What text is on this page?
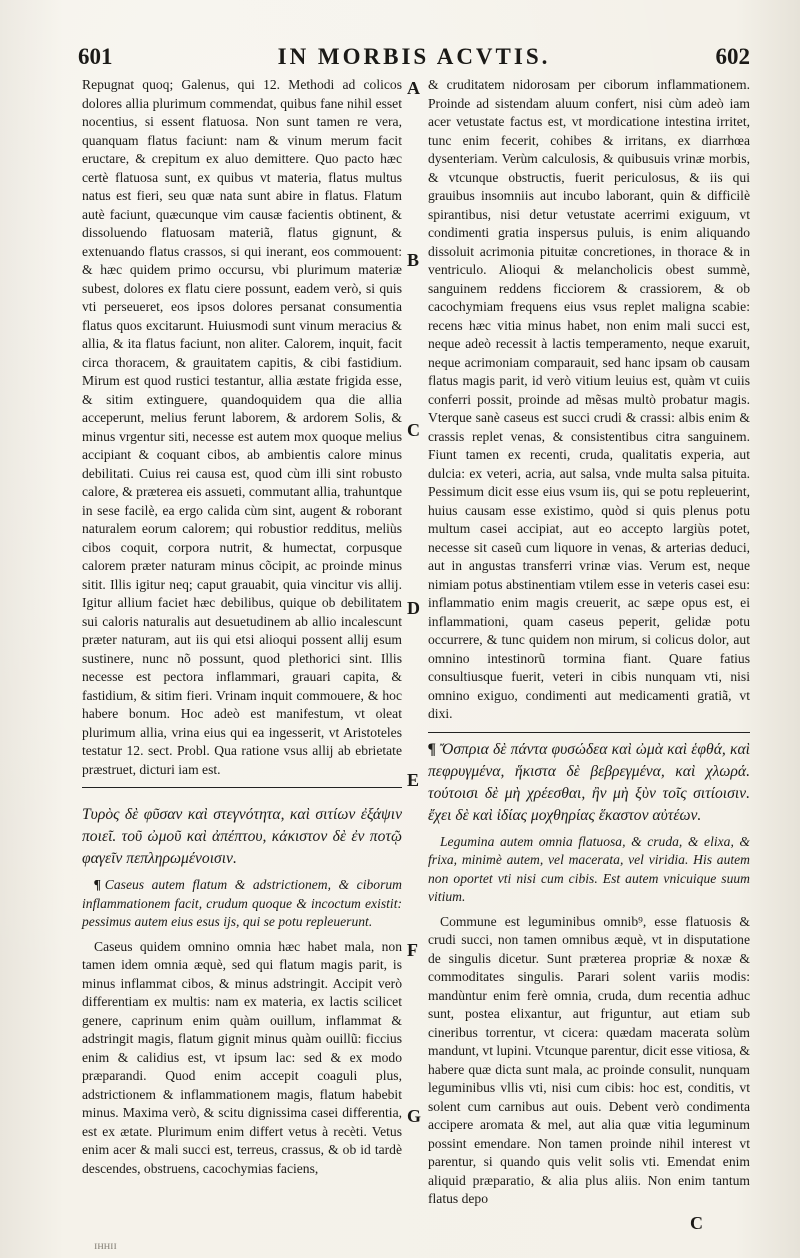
601	IN MORBIS ACVTIS.	602

Repugnat quoq; Galenus, qui 12. Methodi ad colicos dolores allia plurimum commendat, quibus fane nihil esset nocentius, si essent flatuosa. Non sunt tamen re vera, quanquam flatus faciunt: nam & vinum merum facit eructare, & crepitum ex aluo demittere. Quo pacto hæc certè flatuosa sunt, ex quibus vt materia, flatus multus natus est fieri, seu quæ nata sunt abire in flatus. Flatum autè faciunt, quæcunque vim causæ facientis obtinent, & dissoluendo flatuosam materiã, flatus gignunt, & extenuando flatus crassos, si qui inerant, eos commouent: & hæc quidem primo occursu, vbi plurimum materiæ subest, dolores ex flatu ciere possunt, eadem verò, si quis vti perseueret, eos ipsos dolores persanat consumentia flatus quos excitarunt. Huiusmodi sunt vinum meracius & allia, & ita flatus faciunt, non aliter. Calorem, inquit, facit circa thoracem, & grauitatem capitis, & cibi fastidium. Mirum est quod rustici testantur, allia æstate frigida esse, & sitim extinguere, quandoquidem qua die allia acceperunt, melius ferunt laborem, & ardorem Solis, & minus vrgentur siti, necesse est autem mox quoque melius accipiant & coquant cibos, ab ambientis calore minus debilitati. Cuius rei causa est, quod cùm illi sint robusto calore, & præterea eis assueti, commutant allia, trahuntque in sese facilè, ea ergo calida cùm sint, augent & roborant naturalem eorum calorem; qui robustior redditus, meliùs cibos coquit, corpora nutrit, & humectat, corpusque calorem præter naturam minus cõcipit, ac proinde minus sitit. Illis igitur neq; caput grauabit, quia vincitur vis allij. Igitur allium faciet hæc debilibus, quique ob debilitatem sui caloris naturalis aut desuetudinem ab allio incalescunt præter naturam, aut iis qui etsi alioqui possent allij esum sustinere, nunc nõ possunt, quod plethorici sint. Illis necesse est pectora inflammari, grauari capita, & fastidium, & sitim fieri. Vrinam inquit commouere, & hoc habere bonum. Hoc adeò est manifestum, vt oleat plurimum allia, vrina eius qui ea ingesserit, vt Aristoteles testatur 12. sect. Probl. Qua ratione vsus allij ab ebrietate præstruet, dicturi iam est.

Τυρὸς δὲ φῦσαν καὶ στεγνότητα, καὶ σιτίων ἐξάψιν ποιεῖ. τοῦ ὠμοῦ καὶ ἀπέπτου, κάκιστον δὲ ἐν ποτῷ φαγεῖν πεπληρωμένοισιν.

¶ Caseus autem flatum & adstrictionem, & ciborum inflammationem facit, crudum quoque & incoctum existit: pessimus autem eius esus ijs, qui se potu repleuerunt.

Caseus quidem omnino omnia hæc habet mala, non tamen idem omnia æquè, sed qui flatum magis parit, is minus inflammat cibos, & minus adstringit. Accipit verò differentiam ex multis: nam ex materia, ex lactis scilicet genere, caprinum enim quàm ouillum, inflammat & adstringit magis, flatum gignit minus quàm ouillũ: ficcius enim & calidius est, vt ipsum lac: sed & ex modo præparandi. Quod enim accepit coaguli plus, adstrictionem & inflammationem magis, flatum habebit minus. Maxima verò, & scitu dignissima casei differentia, est ex ætate. Plurimum enim differt vetus à recèti. Vetus enim acer & mali succi est, terreus, crassus, & ob id tardè descendes, obstruens, cacochymias faciens,

& cruditatem nidorosam per ciborum inflammationem. Proinde ad sistendam aluum confert, nisi cùm adeò iam acer vetustate factus est, vt mordicatione intestina irritet, tunc enim fecerit, cohibes & irritans, ex diarrhœa dysenteriam. Verùm calculosis, & quibusuis vrinæ morbis, & vtcunque obstructis, fuerit periculosus, & iis qui grauibus insomniis aut incubo laborant, quin & difficilè spirantibus, nisi detur vetustate acerrimi exiguum, vt condimenti gratia inspersus puluis, is enim aliquando dissoluit acrimonia pituitæ concretiones, in thorace & in ventriculo. Alioqui & melancholicis obest summè, sanguinem reddens ficciorem & crassiorem, & ob cacochymiam frequens eius vsus replet maligna scabie: recens hæc vitia minus habet, non enim mali succi est, neque adeò recessit à lactis temperamento, neque exaruit, neque acrimoniam comparauit, sed hanc ipsam ob causam flatus magis parit, id verò vitium leuius est, quàm vt cuiis conferri possit, proinde ad mẽsas multò probatur magis. Vterque sanè caseus est succi crudi & crassi: albis enim & crassis replet venas, & consistentibus citra sanguinem. Fiunt tamen ex recenti, cruda, qualitatis experia, aut dulcia: ex veteri, acria, aut salsa, vnde multa salsa pituita. Pessimum dicit esse eius vsum iis, qui se potu repleuerint, huius causam esse existimo, quòd si quis plenus potu multum casei accipiat, aut eo accepto largiùs potet, necesse sit caseũ cum liquore in venas, & arterias deduci, aut in angustas transferri vrinæ vias. Verum est, neque nimiam potus abstinentiam vtilem esse in veteris casei esu: inflammatio enim magis creuerit, ac sæpe opus est, ei inflammationi, quam caseus peperit, gelidæ potu occurrere, & tunc quidem non mirum, si colicus dolor, aut omnino intestinorũ tormina fiant. Quare fatius consultiusque fuerit, veteri in cibis nunquam vti, nisi omnino exiguo, condimenti aut medicamenti gratiã, vt dixi.

¶ Ὄσπρια δὲ πάντα φυσώδεα καὶ ὠμὰ καὶ ἑφθά, καὶ πεφρυγμένα, ἥκιστα δὲ βεβρεγμένα, καὶ χλωρά. τούτοισι δὲ μὴ χρέεσθαι, ἢν μὴ ξὺν τοῖς σιτίοισιν. ἔχει δὲ καὶ ἰδίας μοχθηρίας ἕκαστον αὐτέων.

Legumina autem omnia flatuosa, & cruda, & elixa, & frixa, minimè autem, vel macerata, vel viridia. His autem non oportet vti nisi cum cibis. Est autem vnicuique suum vitium.

Commune est leguminibus omnib⁹, esse flatuosis & crudi succi, non tamen omnibus æquè, vt in disputatione de singulis dicetur. Sunt præterea propriæ & noxæ & commoditates singulis. Parari solent variis modis: mandùntur enim ferè omnia, cruda, dum recentia adhuc sunt, postea elixantur, aut friguntur, aut etiam sub cineribus torrentur, vt cicera: quædam macerata solùm mandunt, vt lupini. Vtcunque parentur, dicit esse vitiosa, & habere quæ dicta sunt mala, ac proinde consulit, nunquam leguminibus vllis vti, nisi cum cibis: hoc est, conditis, vt solent cum carnibus aut ouis. Debent verò condimenta accipere aromata & mel, aut alia quæ vitia leguminum possint emendare. Non tamen proinde nihil interest vt parentur, si quando quis velit solis vti. Emendat enim aliquid præparatio, & alia plus aliis. Non enim tantum flatus depo

A
B
C
D
E
F
G
C
ɪʜʜɪɪ
